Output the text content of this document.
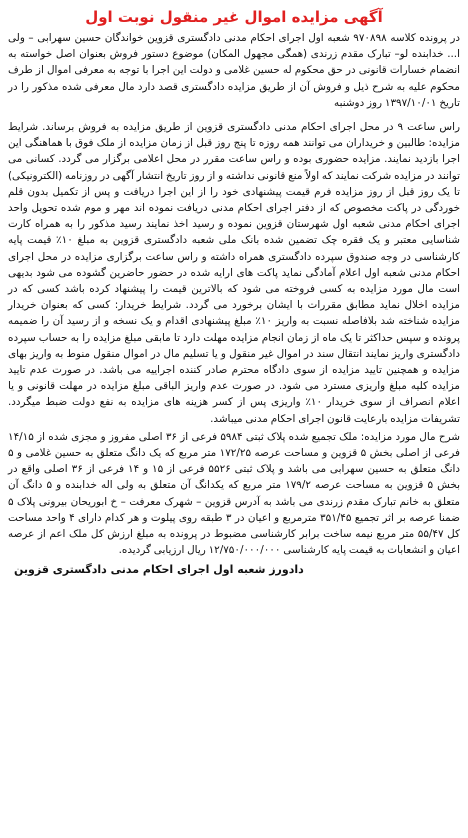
آگهی مزایده اموال غیر منقول نوبت اول

در پرونده کلاسه ۹۷۰۸۹۸ شعبه اول اجرای احکام مدنی دادگستری قزوین خواندگان حسین سهرابی – ولی ا... خدابنده لو– تبارک مقدم زرندی (همگی مجهول المکان) موضوع دستور فروش بعنوان اصل خواسته به انضمام خسارات قانونی در حق محکوم له حسین غلامی و دولت این اجرا با توجه به معرفی اموال از طرف محکوم علیه به شرح ذیل و فروش آن از طریق مزایده دادگستری قصد دارد مال معرفی شده مذکور را در تاریخ ۱۳۹۷/۱۰/۰۱ روز دوشنبه

راس ساعت ۹ در محل اجرای احکام مدنی دادگستری قزوین از طریق مزایده به فروش برساند. شرایط مزایده: طالبین و خریداران می توانند همه روزه تا پنج روز قبل از زمان مزایده از ملک فوق با هماهنگی این اجرا بازدید نمایند. مزایده حضوری بوده و راس ساعت مقرر در محل اعلامی برگزار می گردد. کسانی می توانند در مزایده شرکت نمایند که اولاً منع قانونی نداشته و از روز تاریخ انتشار آگهی در روزنامه (الکترونیکی) تا یک روز قبل از روز مزایده فرم قیمت پیشنهادی خود را از این اجرا دریافت و پس از تکمیل بدون قلم خوردگی در پاکت مخصوص که از دفتر اجرای احکام مدنی دریافت نموده اند مهر و موم شده تحویل واحد اجرای احکام مدنی شعبه اول شهرستان قزوین نموده و رسید اخذ نمایند رسید مذکور را به همراه کارت شناسایی معتبر و یک فقره چک تضمین شده بانک ملی شعبه دادگستری قزوین به مبلغ ۱۰٪ قیمت پایه کارشناسی در وجه صندوق سپرده دادگستری همراه داشته و راس ساعت برگزاری مزایده در محل اجرای احکام مدنی شعبه اول اعلام آمادگی نماید پاکت های ارایه شده در حضور حاضرین گشوده می شود بدیهی است مال مورد مزایده به کسی فروخته می شود که بالاترین قیمت را پیشنهاد کرده باشد کسی که در مزایده اخلال نماید مطابق مقررات با ایشان برخورد می گردد. شرایط خریدار: کسی که بعنوان خریدار مزایده شناخته شد بلافاصله نسبت به واریز ۱۰٪ مبلغ پیشنهادی اقدام و یک نسخه و از رسید آن را ضمیمه پرونده و سپس حداکثر تا یک ماه از زمان انجام مزایده مهلت دارد تا مابقی مبلغ مزایده را به حساب سپرده دادگستری واریز نمایند انتقال سند در اموال غیر منقول و یا تسلیم مال در اموال منقول منوط به واریز بهای مزایده و همچنین تایید مزایده از سوی دادگاه محترم صادر کننده اجراییه می باشد. در صورت عدم تایید مزایده کلیه مبلغ واریزی مسترد می شود. در صورت عدم واریز الباقی مبلغ مزایده در مهلت قانونی و یا اعلام انصراف از سوی خریدار ۱۰٪ واریزی پس از کسر هزینه های مزایده به نفع دولت ضبط میگردد. تشریفات مزایده بارعایت قانون اجرای احکام مدنی میباشد.

شرح مال مورد مزایده: ملک تجمیع شده پلاک ثبتی ۵۹۸۴ فرعی از ۳۶ اصلی مفروز و مجزی شده از ۱۴/۱۵ فرعی از اصلی بخش ۵ قزوین و مساحت عرصه ۱۷۲/۲۵ متر مربع که یک دانگ متعلق به حسین غلامی و ۵ دانگ متعلق به حسین سهرابی می باشد و پلاک ثبتی ۵۵۲۶ فرعی از ۱۵ و ۱۴ فرعی از ۳۶ اصلی واقع در بخش ۵ قزوین به مساحت عرصه ۱۷۹/۲ متر مربع که یکدانگ آن متعلق به ولی اله خدابنده و ۵ دانگ آن متعلق به خانم تبارک مقدم زرندی می باشد به آدرس قزوین – شهرک معرفت – خ ابوریحان بیرونی پلاک ۵ ضمنا عرصه بر اثر تجمیع ۳۵۱/۴۵ مترمربع و اعیان در ۳ طبقه روی پیلوت و هر کدام دارای ۴ واحد مساحت کل ۵۵/۴۷ متر مربع نیمه ساخت برابر کارشناسی مضبوط در پرونده به مبلغ ارزش کل ملک اعم از عرصه اعیان و انشعابات به قیمت پایه کارشناسی ۱۲/۷۵۰/۰۰۰/۰۰۰ ریال ارزیابی گردیده.

دادورز شعبه اول اجرای احکام مدنی دادگستری قزوین
